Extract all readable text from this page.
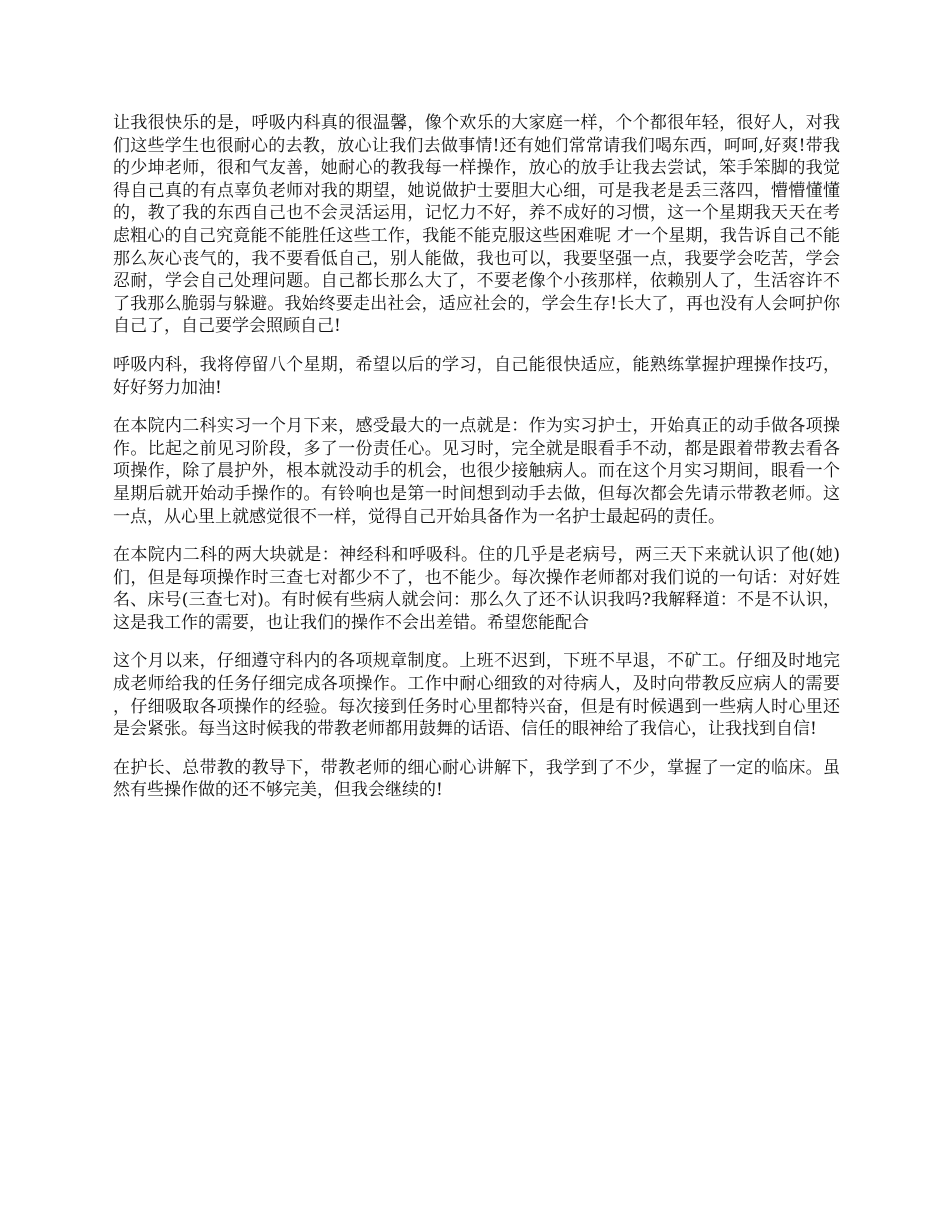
让我很快乐的是，呼吸内科真的很温馨，像个欢乐的大家庭一样，个个都很年轻，很好人，对我们这些学生也很耐心的去教，放心让我们去做事情!还有她们常常请我们喝东西，呵呵,好爽!带我的少坤老师，很和气友善，她耐心的教我每一样操作，放心的放手让我去尝试，笨手笨脚的我觉得自己真的有点辜负老师对我的期望，她说做护士要胆大心细，可是我老是丢三落四，懵懵懂懂的，教了我的东西自己也不会灵活运用，记忆力不好，养不成好的习惯，这一个星期我天天在考虑粗心的自己究竟能不能胜任这些工作，我能不能克服这些困难呢 才一个星期，我告诉自己不能那么灰心丧气的，我不要看低自己，别人能做，我也可以，我要坚强一点，我要学会吃苦，学会忍耐，学会自己处理问题。自己都长那么大了，不要老像个小孩那样，依赖别人了，生活容许不了我那么脆弱与躲避。我始终要走出社会，适应社会的，学会生存!长大了，再也没有人会呵护你自己了，自己要学会照顾自己!

呼吸内科，我将停留八个星期，希望以后的学习，自己能很快适应，能熟练掌握护理操作技巧，好好努力加油!

在本院内二科实习一个月下来，感受最大的一点就是：作为实习护士，开始真正的动手做各项操作。比起之前见习阶段，多了一份责任心。见习时，完全就是眼看手不动，都是跟着带教去看各项操作，除了晨护外，根本就没动手的机会，也很少接触病人。而在这个月实习期间，眼看一个星期后就开始动手操作的。有铃响也是第一时间想到动手去做，但每次都会先请示带教老师。这一点，从心里上就感觉很不一样，觉得自己开始具备作为一名护士最起码的责任。

在本院内二科的两大块就是：神经科和呼吸科。住的几乎是老病号，两三天下来就认识了他(她)们，但是每项操作时三查七对都少不了，也不能少。每次操作老师都对我们说的一句话：对好姓名、床号(三查七对)。有时候有些病人就会问：那么久了还不认识我吗?我解释道：不是不认识，这是我工作的需要，也让我们的操作不会出差错。希望您能配合

这个月以来，仔细遵守科内的各项规章制度。上班不迟到，下班不早退，不矿工。仔细及时地完成老师给我的任务仔细完成各项操作。工作中耐心细致的对待病人，及时向带教反应病人的需要，仔细吸取各项操作的经验。每次接到任务时心里都特兴奋，但是有时候遇到一些病人时心里还是会紧张。每当这时候我的带教老师都用鼓舞的话语、信任的眼神给了我信心，让我找到自信!

在护长、总带教的教导下，带教老师的细心耐心讲解下，我学到了不少，掌握了一定的临床。虽然有些操作做的还不够完美，但我会继续的!
